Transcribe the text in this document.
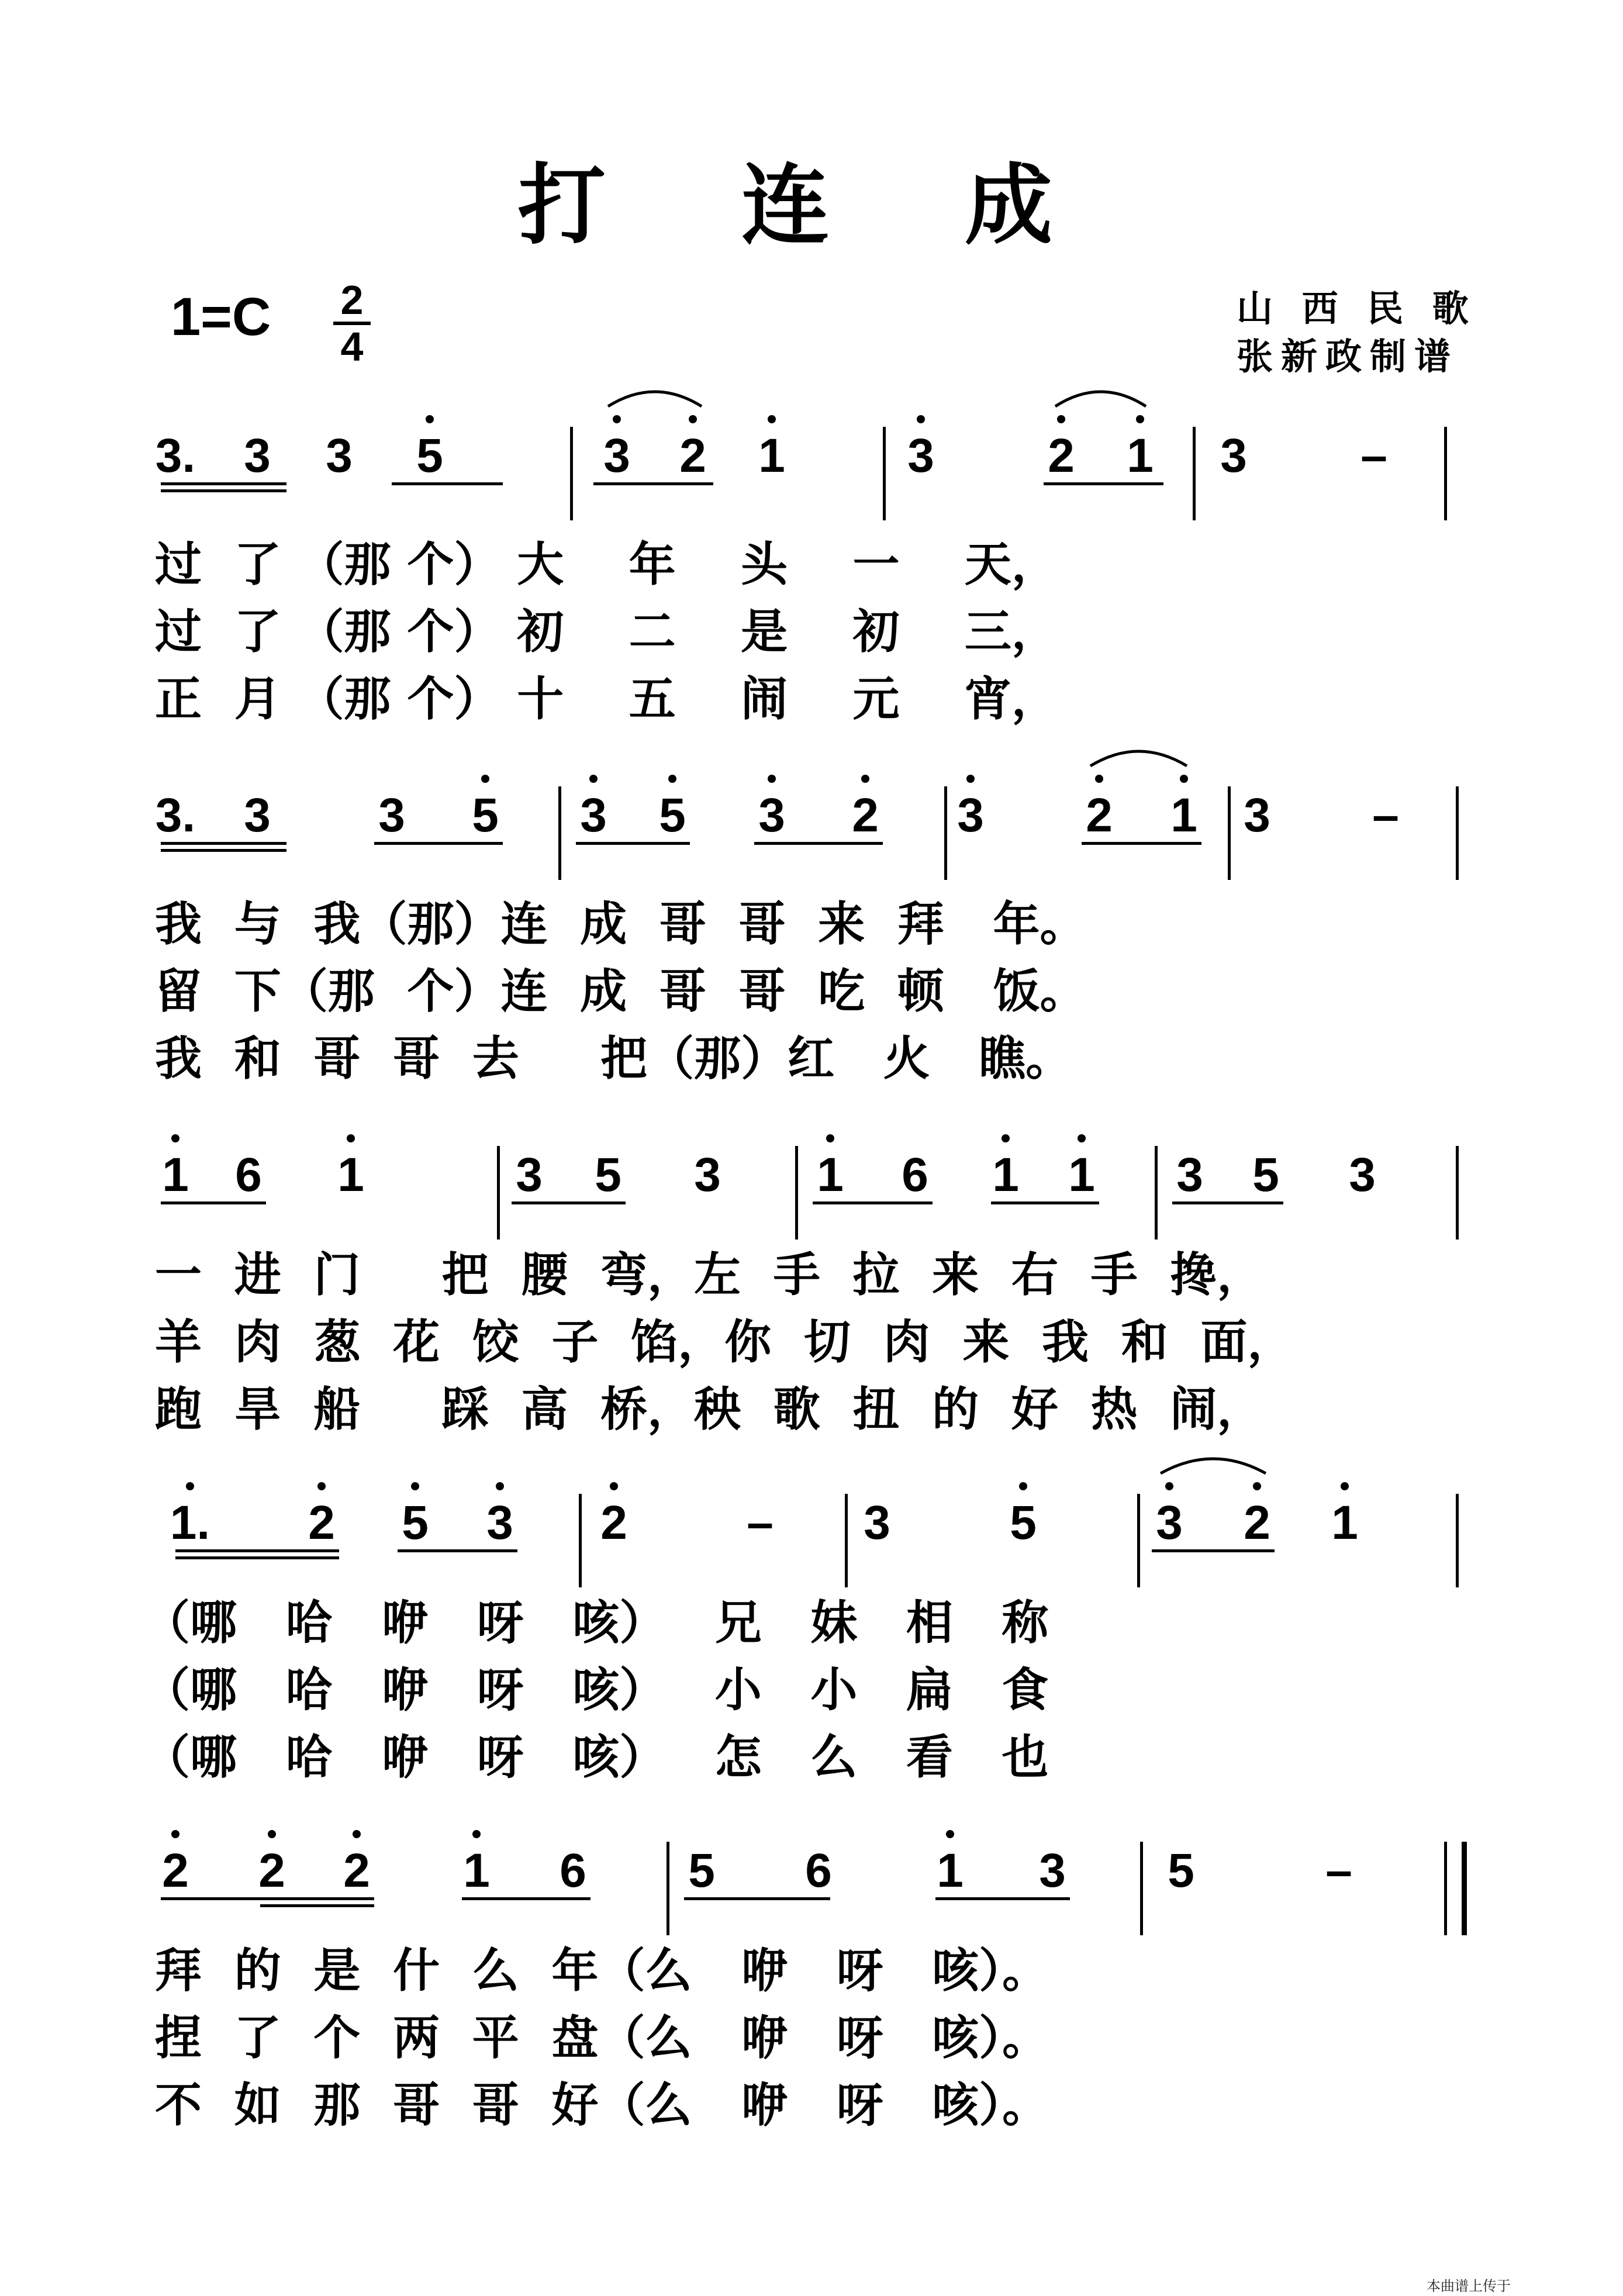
打 连 成
1=C 2
4
山 西 民 歌
张新政制谱
3. 3 3 5	3 2 1	3 2 1 3 –
3. 3 3 5 3 5 3 2 3 2 1 3 –
1 6 1	3 5 3 1 6 1 1 3 5 3
1. 2 5 3 2 – 3 5 3 2 1
2 2 2 1 6 5 6 1 3 5	–
过  了 （那 个） 大    年    头    一    天，
过  了 （那 个） 初    二    是    初    三，
正  月 （那 个） 十    五    闹    元    宵，
我  与  我（那）连  成  哥  哥  来  拜   年。
留  下（那  个）连  成  哥  哥  吃  顿   饭。
我  和  哥  哥  去     把（那）红   火   瞧。
一  进  门     把  腰  弯，左  手  拉  来  右  手  搀，
羊  肉  葱  花  饺  子  馅，你  切  肉  来  我  和  面，
跑  旱  船     踩  高  桥，秧  歌  扭  的  好  热  闹，
（哪   哈   咿   呀   咳）   兄   妹   相   称
（哪   哈   咿   呀   咳）   小   小   扁   食
（哪   哈   咿   呀   咳）   怎   么   看   也
拜  的  是  什  么  年（么   咿   呀   咳）。
捏  了  个  两  平  盘（么   咿   呀   咳）。
不  如  那  哥  哥  好（么   咿   呀   咳）。
本曲谱上传于
